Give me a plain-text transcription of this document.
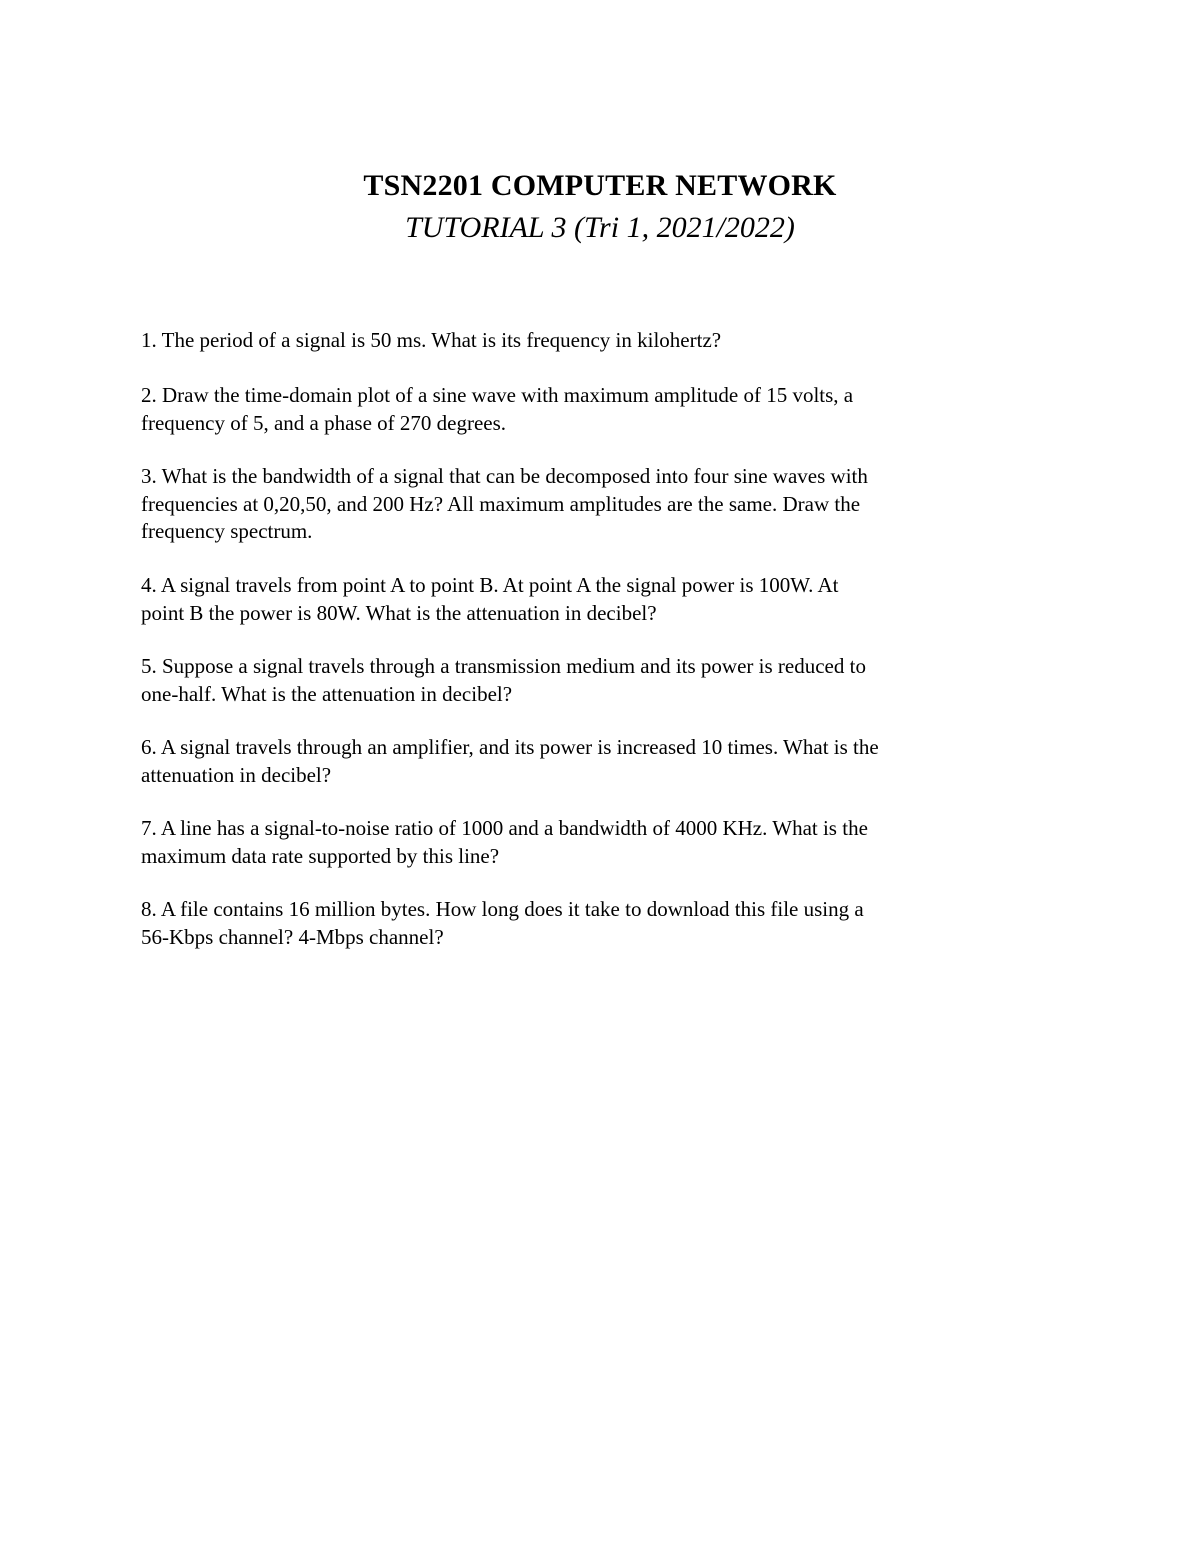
TSN2201 COMPUTER NETWORK
TUTORIAL 3 (Tri 1, 2021/2022)

1. The period of a signal is 50 ms. What is its frequency in kilohertz?

2. Draw the time-domain plot of a sine wave with maximum amplitude of 15 volts, a
frequency of 5, and a phase of 270 degrees.

3. What is the bandwidth of a signal that can be decomposed into four sine waves with
frequencies at 0,20,50, and 200 Hz? All maximum amplitudes are the same. Draw the
frequency spectrum.

4. A signal travels from point A to point B. At point A the signal power is 100W. At
point B the power is 80W. What is the attenuation in decibel?

5. Suppose a signal travels through a transmission medium and its power is reduced to
one-half. What is the attenuation in decibel?

6. A signal travels through an amplifier, and its power is increased 10 times. What is the
attenuation in decibel?

7. A line has a signal-to-noise ratio of 1000 and a bandwidth of 4000 KHz. What is the
maximum data rate supported by this line?

8. A file contains 16 million bytes. How long does it take to download this file using a
56-Kbps channel? 4-Mbps channel?
